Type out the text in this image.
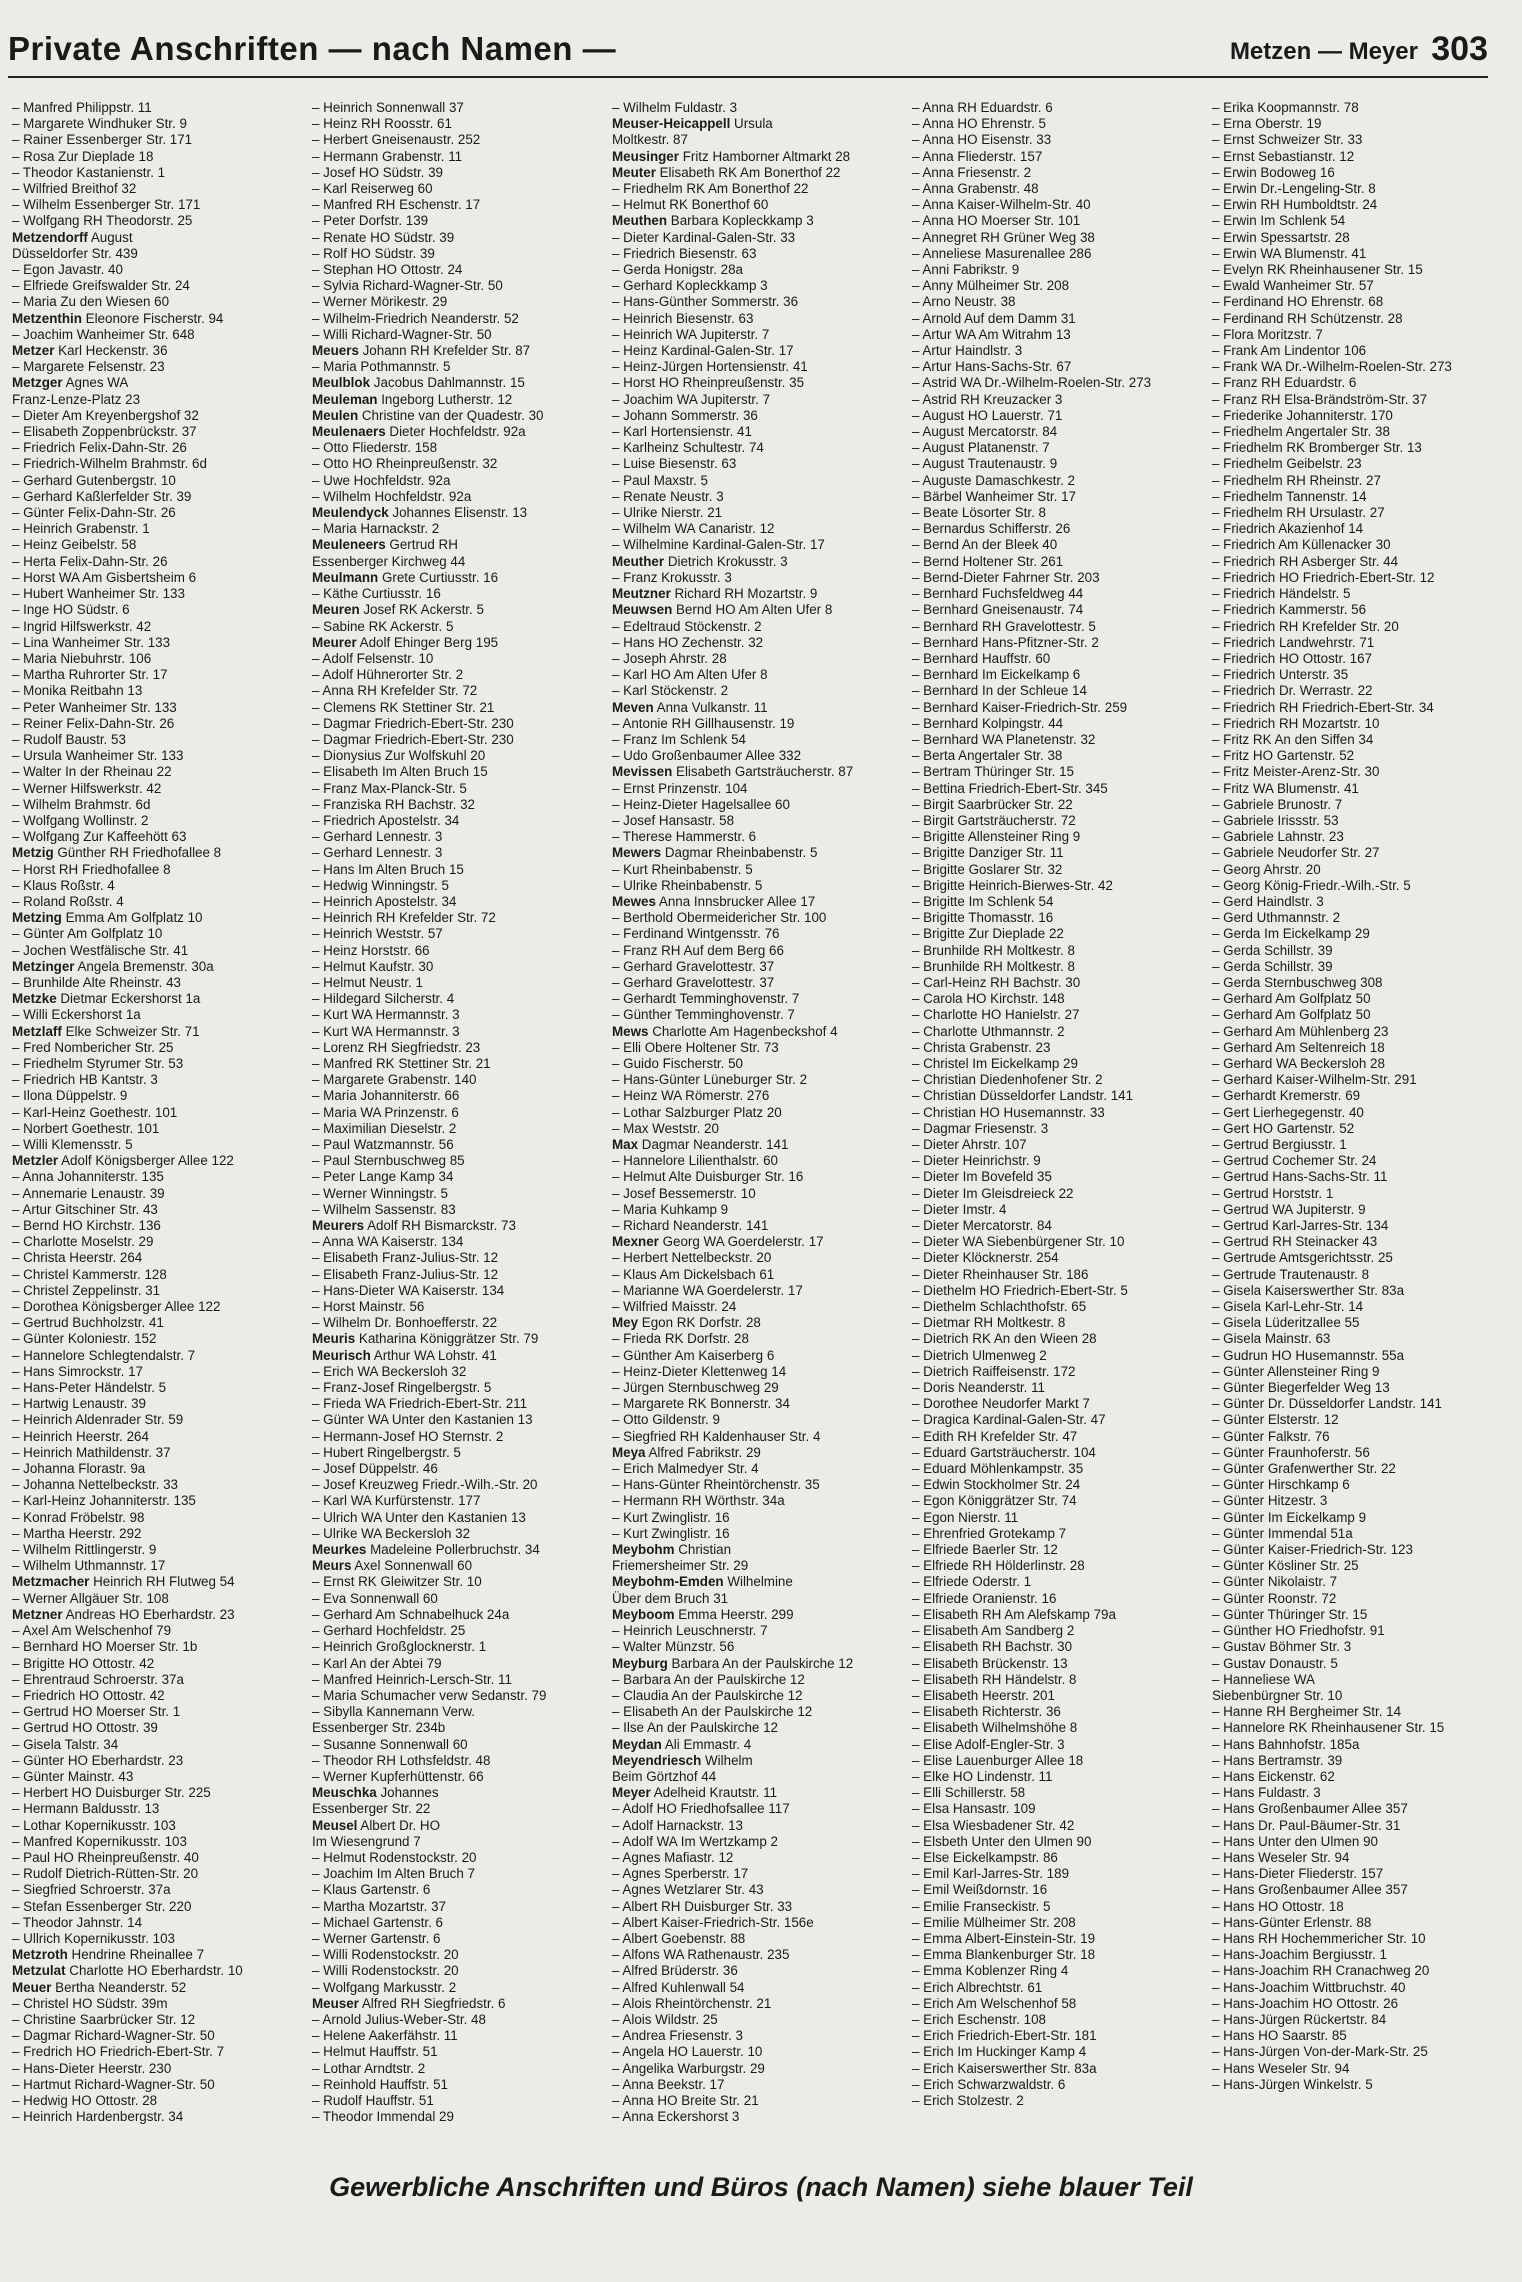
Private Anschriften — nach Namen —	Metzen — Meyer 303
– Manfred Philippstr. 11
– Margarete Windhuker Str. 9
– Rainer Essenberger Str. 171
– Rosa Zur Dieplade 18
– Theodor Kastanienstr. 1
– Wilfried Breithof 32
– Wilhelm Essenberger Str. 171
– Wolfgang RH Theodorstr. 25
Metzendorff August
Düsseldorfer Str. 439
– Egon Javastr. 40
– Elfriede Greifswalder Str. 24
– Maria Zu den Wiesen 60
Metzenthin Eleonore Fischerstr. 94
– Joachim Wanheimer Str. 648
Metzer Karl Heckenstr. 36
– Margarete Felsenstr. 23
Metzger Agnes WA
Franz-Lenze-Platz 23
– Dieter Am Kreyenbergshof 32
– Elisabeth Zoppenbrückstr. 37
– Friedrich Felix-Dahn-Str. 26
– Friedrich-Wilhelm Brahmstr. 6d
– Gerhard Gutenbergstr. 10
– Gerhard Kaßlerfelder Str. 39
– Günter Felix-Dahn-Str. 26
– Heinrich Grabenstr. 1
– Heinz Geibelstr. 58
– Herta Felix-Dahn-Str. 26
– Horst WA Am Gisbertsheim 6
– Hubert Wanheimer Str. 133
– Inge HO Südstr. 6
– Ingrid Hilfswerkstr. 42
– Lina Wanheimer Str. 133
– Maria Niebuhrstr. 106
– Martha Ruhrorter Str. 17
– Monika Reitbahn 13
– Peter Wanheimer Str. 133
– Reiner Felix-Dahn-Str. 26
– Rudolf Baustr. 53
– Ursula Wanheimer Str. 133
– Walter In der Rheinau 22
– Werner Hilfswerkstr. 42
– Wilhelm Brahmstr. 6d
– Wolfgang Wollinstr. 2
– Wolfgang Zur Kaffeehött 63
Metzig Günther RH Friedhofallee 8
– Horst RH Friedhofallee 8
– Klaus Roßstr. 4
– Roland Roßstr. 4
Metzing Emma Am Golfplatz 10
– Günter Am Golfplatz 10
– Jochen Westfälische Str. 41
Metzinger Angela Bremenstr. 30a
– Brunhilde Alte Rheinstr. 43
Metzke Dietmar Eckershorst 1a
– Willi Eckershorst 1a
Metzlaff Elke Schweizer Str. 71
– Fred Nombericher Str. 25
– Friedhelm Styrumer Str. 53
– Friedrich HB Kantstr. 3
– Ilona Düppelstr. 9
– Karl-Heinz Goethestr. 101
– Norbert Goethestr. 101
– Willi Klemensstr. 5
Metzler Adolf Königsberger Allee 122
– Anna Johanniterstr. 135
– Annemarie Lenaustr. 39
– Artur Gitschiner Str. 43
– Bernd HO Kirchstr. 136
– Charlotte Moselstr. 29
– Christa Heerstr. 264
– Christel Kammerstr. 128
– Christel Zeppelinstr. 31
– Dorothea Königsberger Allee 122
– Gertrud Buchholzstr. 41
– Günter Koloniestr. 152
– Hannelore Schlegtendalstr. 7
– Hans Simrockstr. 17
– Hans-Peter Händelstr. 5
– Hartwig Lenaustr. 39
– Heinrich Aldenrader Str. 59
– Heinrich Heerstr. 264
– Heinrich Mathildenstr. 37
– Johanna Florastr. 9a
– Johanna Nettelbeckstr. 33
– Karl-Heinz Johanniterstr. 135
– Konrad Fröbelstr. 98
– Martha Heerstr. 292
– Wilhelm Rittlingerstr. 9
– Wilhelm Uthmannstr. 17
Metzmacher Heinrich RH Flutweg 54
– Werner Allgäuer Str. 108
Metzner Andreas HO Eberhardstr. 23
– Axel Am Welschenhof 79
– Bernhard HO Moerser Str. 1b
– Brigitte HO Ottostr. 42
– Ehrentraud Schroerstr. 37a
– Friedrich HO Ottostr. 42
– Gertrud HO Moerser Str. 1
– Gertrud HO Ottostr. 39
– Gisela Talstr. 34
– Günter HO Eberhardstr. 23
– Günter Mainstr. 43
– Herbert HO Duisburger Str. 225
– Hermann Baldusstr. 13
– Lothar Kopernikusstr. 103
– Manfred Kopernikusstr. 103
– Paul HO Rheinpreußenstr. 40
– Rudolf Dietrich-Rütten-Str. 20
– Siegfried Schroerstr. 37a
– Stefan Essenberger Str. 220
– Theodor Jahnstr. 14
– Ullrich Kopernikusstr. 103
Metzroth Hendrine Rheinallee 7
Metzulat Charlotte HO Eberhardstr. 10
Meuer Bertha Neanderstr. 52
– Christel HO Südstr. 39m
– Christine Saarbrücker Str. 12
– Dagmar Richard-Wagner-Str. 50
– Fredrich HO Friedrich-Ebert-Str. 7
– Hans-Dieter Heerstr. 230
– Hartmut Richard-Wagner-Str. 50
– Hedwig HO Ottostr. 28
– Heinrich Hardenbergstr. 34
– Heinrich Sonnenwall 37
– Heinz RH Roosstr. 61
– Herbert Gneisenaustr. 252
– Hermann Grabenstr. 11
– Josef HO Südstr. 39
– Karl Reiserweg 60
– Manfred RH Eschenstr. 17
– Peter Dorfstr. 139
– Renate HO Südstr. 39
– Rolf HO Südstr. 39
– Stephan HO Ottostr. 24
– Sylvia Richard-Wagner-Str. 50
– Werner Mörikestr. 29
– Wilhelm-Friedrich Neanderstr. 52
– Willi Richard-Wagner-Str. 50
Meuers Johann RH Krefelder Str. 87
– Maria Pothmannstr. 5
Meulblok Jacobus Dahlmannstr. 15
Meuleman Ingeborg Lutherstr. 12
Meulen Christine van der Quadestr. 30
Meulenaers Dieter Hochfeldstr. 92a
– Otto Fliederstr. 158
– Otto HO Rheinpreußenstr. 32
– Uwe Hochfeldstr. 92a
– Wilhelm Hochfeldstr. 92a
Meulendyck Johannes Elisenstr. 13
– Maria Harnackstr. 2
Meuleneers Gertrud RH
Essenberger Kirchweg 44
Meulmann Grete Curtiusstr. 16
– Käthe Curtiusstr. 16
Meuren Josef RK Ackerstr. 5
– Sabine RK Ackerstr. 5
Meurer Adolf Ehinger Berg 195
– Adolf Felsenstr. 10
– Adolf Hühnerorter Str. 2
– Anna RH Krefelder Str. 72
– Clemens RK Stettiner Str. 21
– Dagmar Friedrich-Ebert-Str. 230
– Dagmar Friedrich-Ebert-Str. 230
– Dionysius Zur Wolfskuhl 20
– Elisabeth Im Alten Bruch 15
– Franz Max-Planck-Str. 5
– Franziska RH Bachstr. 32
– Friedrich Apostelstr. 34
– Gerhard Lennestr. 3
– Gerhard Lennestr. 3
– Hans Im Alten Bruch 15
– Hedwig Winningstr. 5
– Heinrich Apostelstr. 34
– Heinrich RH Krefelder Str. 72
– Heinrich Weststr. 57
– Heinz Horststr. 66
– Helmut Kaufstr. 30
– Helmut Neustr. 1
– Hildegard Silcherstr. 4
– Kurt WA Hermannstr. 3
– Kurt WA Hermannstr. 3
– Lorenz RH Siegfriedstr. 23
– Manfred RK Stettiner Str. 21
– Margarete Grabenstr. 140
– Maria Johanniterstr. 66
– Maria WA Prinzenstr. 6
– Maximilian Dieselstr. 2
– Paul Watzmannstr. 56
– Paul Sternbuschweg 85
– Peter Lange Kamp 34
– Werner Winningstr. 5
– Wilhelm Sassenstr. 83
Meurers Adolf RH Bismarckstr. 73
– Anna WA Kaiserstr. 134
– Elisabeth Franz-Julius-Str. 12
– Elisabeth Franz-Julius-Str. 12
– Hans-Dieter WA Kaiserstr. 134
– Horst Mainstr. 56
– Wilhelm Dr. Bonhoefferstr. 22
Meuris Katharina Königgrätzer Str. 79
Meurisch Arthur WA Lohstr. 41
– Erich WA Beckersloh 32
– Franz-Josef Ringelbergstr. 5
– Frieda WA Friedrich-Ebert-Str. 211
– Günter WA Unter den Kastanien 13
– Hermann-Josef HO Sternstr. 2
– Hubert Ringelbergstr. 5
– Josef Düppelstr. 46
– Josef Kreuzweg Friedr.-Wilh.-Str. 20
– Karl WA Kurfürstenstr. 177
– Ulrich WA Unter den Kastanien 13
– Ulrike WA Beckersloh 32
Meurkes Madeleine Pollerbruchstr. 34
Meurs Axel Sonnenwall 60
– Ernst RK Gleiwitzer Str. 10
– Eva Sonnenwall 60
– Gerhard Am Schnabelhuck 24a
– Gerhard Hochfeldstr. 25
– Heinrich Großglocknerstr. 1
– Karl An der Abtei 79
– Manfred Heinrich-Lersch-Str. 11
– Maria Schumacher verw Sedanstr. 79
– Sibylla Kannemann Verw.
Essenberger Str. 234b
– Susanne Sonnenwall 60
– Theodor RH Lothsfeldstr. 48
– Werner Kupferhüttenstr. 66
Meuschka Johannes
Essenberger Str. 22
Meusel Albert Dr. HO
Im Wiesengrund 7
– Helmut Rodenstockstr. 20
– Joachim Im Alten Bruch 7
– Klaus Gartenstr. 6
– Martha Mozartstr. 37
– Michael Gartenstr. 6
– Werner Gartenstr. 6
– Willi Rodenstockstr. 20
– Willi Rodenstockstr. 20
– Wolfgang Markusstr. 2
Meuser Alfred RH Siegfriedstr. 6
– Arnold Julius-Weber-Str. 48
– Helene Aakerfähstr. 11
– Helmut Hauffstr. 51
– Lothar Arndtstr. 2
– Reinhold Hauffstr. 51
– Rudolf Hauffstr. 51
– Theodor Immendal 29
– Wilhelm Fuldastr. 3
Meuser-Heicappell Ursula
Moltkestr. 87
Meusinger Fritz Hamborner Altmarkt 28
Meuter Elisabeth RK Am Bonerthof 22
– Friedhelm RK Am Bonerthof 22
– Helmut RK Bonerthof 60
Meuthen Barbara Kopleckkamp 3
– Dieter Kardinal-Galen-Str. 33
– Friedrich Biesenstr. 63
– Gerda Honigstr. 28a
– Gerhard Kopleckkamp 3
– Hans-Günther Sommerstr. 36
– Heinrich Biesenstr. 63
– Heinrich WA Jupiterstr. 7
– Heinz Kardinal-Galen-Str. 17
– Heinz-Jürgen Hortensienstr. 41
– Horst HO Rheinpreußenstr. 35
– Joachim WA Jupiterstr. 7
– Johann Sommerstr. 36
– Karl Hortensienstr. 41
– Karlheinz Schultestr. 74
– Luise Biesenstr. 63
– Paul Maxstr. 5
– Renate Neustr. 3
– Ulrike Nierstr. 21
– Wilhelm WA Canaristr. 12
– Wilhelmine Kardinal-Galen-Str. 17
Meuther Dietrich Krokusstr. 3
– Franz Krokusstr. 3
Meutzner Richard RH Mozartstr. 9
Meuwsen Bernd HO Am Alten Ufer 8
– Edeltraud Stöckenstr. 2
– Hans HO Zechenstr. 32
– Joseph Ahrstr. 28
– Karl HO Am Alten Ufer 8
– Karl Stöckenstr. 2
Meven Anna Vulkanstr. 11
– Antonie RH Gillhausenstr. 19
– Franz Im Schlenk 54
– Udo Großenbaumer Allee 332
Mevissen Elisabeth Gartsträucherstr. 87
– Ernst Prinzenstr. 104
– Heinz-Dieter Hagelsallee 60
– Josef Hansastr. 58
– Therese Hammerstr. 6
Mewers Dagmar Rheinbabenstr. 5
– Kurt Rheinbabenstr. 5
– Ulrike Rheinbabenstr. 5
Mewes Anna Innsbrucker Allee 17
– Berthold Obermeidericher Str. 100
– Ferdinand Wintgensstr. 76
– Franz RH Auf dem Berg 66
– Gerhard Gravelottestr. 37
– Gerhard Gravelottestr. 37
– Gerhardt Temminghovenstr. 7
– Günther Temminghovenstr. 7
Mews Charlotte Am Hagenbeckshof 4
– Elli Obere Holtener Str. 73
– Guido Fischerstr. 50
– Hans-Günter Lüneburger Str. 2
– Heinz WA Römerstr. 276
– Lothar Salzburger Platz 20
– Max Weststr. 20
Max Dagmar Neanderstr. 141
– Hannelore Lilienthalstr. 60
– Helmut Alte Duisburger Str. 16
– Josef Bessemerstr. 10
– Maria Kuhkamp 9
– Richard Neanderstr. 141
Mexner Georg WA Goerdelerstr. 17
– Herbert Nettelbeckstr. 20
– Klaus Am Dickelsbach 61
– Marianne WA Goerdelerstr. 17
– Wilfried Maisstr. 24
Mey Egon RK Dorfstr. 28
– Frieda RK Dorfstr. 28
– Günther Am Kaiserberg 6
– Heinz-Dieter Klettenweg 14
– Jürgen Sternbuschweg 29
– Margarete RK Bonnerstr. 34
– Otto Gildenstr. 9
– Siegfried RH Kaldenhauser Str. 4
Meya Alfred Fabrikstr. 29
– Erich Malmedyer Str. 4
– Hans-Günter Rheintörchenstr. 35
– Hermann RH Wörthstr. 34a
– Kurt Zwinglistr. 16
– Kurt Zwinglistr. 16
Meybohm Christian
Friemersheimer Str. 29
Meybohm-Emden Wilhelmine
Über dem Bruch 31
Meyboom Emma Heerstr. 299
– Heinrich Leuschnerstr. 7
– Walter Münzstr. 56
Meyburg Barbara An der Paulskirche 12
– Barbara An der Paulskirche 12
– Claudia An der Paulskirche 12
– Elisabeth An der Paulskirche 12
– Ilse An der Paulskirche 12
Meydan Ali Emmastr. 4
Meyendriesch Wilhelm
Beim Görtzhof 44
Meyer Adelheid Krautstr. 11
– Adolf HO Friedhofsallee 117
– Adolf Harnackstr. 13
– Adolf WA Im Wertzkamp 2
– Agnes Mafiastr. 12
– Agnes Sperberstr. 17
– Agnes Wetzlarer Str. 43
– Albert RH Duisburger Str. 33
– Albert Kaiser-Friedrich-Str. 156e
– Albert Goebenstr. 88
– Alfons WA Rathenaustr. 235
– Alfred Brüderstr. 36
– Alfred Kuhlenwall 54
– Alois Rheintörchenstr. 21
– Alois Wildstr. 25
– Andrea Friesenstr. 3
– Angela HO Lauerstr. 10
– Angelika Warburgstr. 29
– Anna Beekstr. 17
– Anna HO Breite Str. 21
– Anna Eckershorst 3
– Anna RH Eduardstr. 6
– Anna HO Ehrenstr. 5
– Anna HO Eisenstr. 33
– Anna Fliederstr. 157
– Anna Friesenstr. 2
– Anna Grabenstr. 48
– Anna Kaiser-Wilhelm-Str. 40
– Anna HO Moerser Str. 101
– Annegret RH Grüner Weg 38
– Anneliese Masurenallee 286
– Anni Fabrikstr. 9
– Anny Mülheimer Str. 208
– Arno Neustr. 38
– Arnold Auf dem Damm 31
– Artur WA Am Witrahm 13
– Artur Haindlstr. 3
– Artur Hans-Sachs-Str. 67
– Astrid WA Dr.-Wilhelm-Roelen-Str. 273
– Astrid RH Kreuzacker 3
– August HO Lauerstr. 71
– August Mercatorstr. 84
– August Platanenstr. 7
– August Trautenaustr. 9
– Auguste Damaschkestr. 2
– Bärbel Wanheimer Str. 17
– Beate Lösorter Str. 8
– Bernardus Schifferstr. 26
– Bernd An der Bleek 40
– Bernd Holtener Str. 261
– Bernd-Dieter Fahrner Str. 203
– Bernhard Fuchsfeldweg 44
– Bernhard Gneisenaustr. 74
– Bernhard RH Gravelottestr. 5
– Bernhard Hans-Pfitzner-Str. 2
– Bernhard Hauffstr. 60
– Bernhard Im Eickelkamp 6
– Bernhard In der Schleue 14
– Bernhard Kaiser-Friedrich-Str. 259
– Bernhard Kolpingstr. 44
– Bernhard WA Planetenstr. 32
– Berta Angertaler Str. 38
– Bertram Thüringer Str. 15
– Bettina Friedrich-Ebert-Str. 345
– Birgit Saarbrücker Str. 22
– Birgit Gartsträucherstr. 72
– Brigitte Allensteiner Ring 9
– Brigitte Danziger Str. 11
– Brigitte Goslarer Str. 32
– Brigitte Heinrich-Bierwes-Str. 42
– Brigitte Im Schlenk 54
– Brigitte Thomasstr. 16
– Brigitte Zur Dieplade 22
– Brunhilde RH Moltkestr. 8
– Brunhilde RH Moltkestr. 8
– Carl-Heinz RH Bachstr. 30
– Carola HO Kirchstr. 148
– Charlotte HO Hanielstr. 27
– Charlotte Uthmannstr. 2
– Christa Grabenstr. 23
– Christel Im Eickelkamp 29
– Christian Diedenhofener Str. 2
– Christian Düsseldorfer Landstr. 141
– Christian HO Husemannstr. 33
– Dagmar Friesenstr. 3
– Dieter Ahrstr. 107
– Dieter Heinrichstr. 9
– Dieter Im Bovefeld 35
– Dieter Im Gleisdreieck 22
– Dieter Imstr. 4
– Dieter Mercatorstr. 84
– Dieter WA Siebenbürgener Str. 10
– Dieter Klöcknerstr. 254
– Dieter Rheinhauser Str. 186
– Diethelm HO Friedrich-Ebert-Str. 5
– Diethelm Schlachthofstr. 65
– Dietmar RH Moltkestr. 8
– Dietrich RK An den Wieen 28
– Dietrich Ulmenweg 2
– Dietrich Raiffeisenstr. 172
– Doris Neanderstr. 11
– Dorothee Neudorfer Markt 7
– Dragica Kardinal-Galen-Str. 47
– Edith RH Krefelder Str. 47
– Eduard Gartsträucherstr. 104
– Eduard Möhlenkampstr. 35
– Edwin Stockholmer Str. 24
– Egon Königgrätzer Str. 74
– Egon Nierstr. 11
– Ehrenfried Grotekamp 7
– Elfriede Baerler Str. 12
– Elfriede RH Hölderlinstr. 28
– Elfriede Oderstr. 1
– Elfriede Oranienstr. 16
– Elisabeth RH Am Alefskamp 79a
– Elisabeth Am Sandberg 2
– Elisabeth RH Bachstr. 30
– Elisabeth Brückenstr. 13
– Elisabeth RH Händelstr. 8
– Elisabeth Heerstr. 201
– Elisabeth Richterstr. 36
– Elisabeth Wilhelmshöhe 8
– Elise Adolf-Engler-Str. 3
– Elise Lauenburger Allee 18
– Elke HO Lindenstr. 11
– Elli Schillerstr. 58
– Elsa Hansastr. 109
– Elsa Wiesbadener Str. 42
– Elsbeth Unter den Ulmen 90
– Else Eickelkampstr. 86
– Emil Karl-Jarres-Str. 189
– Emil Weißdornstr. 16
– Emilie Franseckistr. 5
– Emilie Mülheimer Str. 208
– Emma Albert-Einstein-Str. 19
– Emma Blankenburger Str. 18
– Emma Koblenzer Ring 4
– Erich Albrechtstr. 61
– Erich Am Welschenhof 58
– Erich Eschenstr. 108
– Erich Friedrich-Ebert-Str. 181
– Erich Im Huckinger Kamp 4
– Erich Kaiserswerther Str. 83a
– Erich Schwarzwaldstr. 6
– Erich Stolzestr. 2
– Erika Koopmannstr. 78
– Erna Oberstr. 19
– Ernst Schweizer Str. 33
– Ernst Sebastianstr. 12
– Erwin Bodoweg 16
– Erwin Dr.-Lengeling-Str. 8
– Erwin RH Humboldtstr. 24
– Erwin Im Schlenk 54
– Erwin Spessartstr. 28
– Erwin WA Blumenstr. 41
– Evelyn RK Rheinhausener Str. 15
– Ewald Wanheimer Str. 57
– Ferdinand HO Ehrenstr. 68
– Ferdinand RH Schützenstr. 28
– Flora Moritzstr. 7
– Frank Am Lindentor 106
– Frank WA Dr.-Wilhelm-Roelen-Str. 273
– Franz RH Eduardstr. 6
– Franz RH Elsa-Brändström-Str. 37
– Friederike Johanniterstr. 170
– Friedhelm Angertaler Str. 38
– Friedhelm RK Bromberger Str. 13
– Friedhelm Geibelstr. 23
– Friedhelm RH Rheinstr. 27
– Friedhelm Tannenstr. 14
– Friedhelm RH Ursulastr. 27
– Friedrich Akazienhof 14
– Friedrich Am Küllenacker 30
– Friedrich RH Asberger Str. 44
– Friedrich HO Friedrich-Ebert-Str. 12
– Friedrich Händelstr. 5
– Friedrich Kammerstr. 56
– Friedrich RH Krefelder Str. 20
– Friedrich Landwehrstr. 71
– Friedrich HO Ottostr. 167
– Friedrich Unterstr. 35
– Friedrich Dr. Werrastr. 22
– Friedrich RH Friedrich-Ebert-Str. 34
– Friedrich RH Mozartstr. 10
– Fritz RK An den Siffen 34
– Fritz HO Gartenstr. 52
– Fritz Meister-Arenz-Str. 30
– Fritz WA Blumenstr. 41
– Gabriele Brunostr. 7
– Gabriele Irissstr. 53
– Gabriele Lahnstr. 23
– Gabriele Neudorfer Str. 27
– Georg Ahrstr. 20
– Georg König-Friedr.-Wilh.-Str. 5
– Gerd Haindlstr. 3
– Gerd Uthmannstr. 2
– Gerda Im Eickelkamp 29
– Gerda Schillstr. 39
– Gerda Schillstr. 39
– Gerda Sternbuschweg 308
– Gerhard Am Golfplatz 50
– Gerhard Am Golfplatz 50
– Gerhard Am Mühlenberg 23
– Gerhard Am Seltenreich 18
– Gerhard WA Beckersloh 28
– Gerhard Kaiser-Wilhelm-Str. 291
– Gerhardt Kremerstr. 69
– Gert Lierhegegenstr. 40
– Gert HO Gartenstr. 52
– Gertrud Bergiusstr. 1
– Gertrud Cochemer Str. 24
– Gertrud Hans-Sachs-Str. 11
– Gertrud Horststr. 1
– Gertrud WA Jupiterstr. 9
– Gertrud Karl-Jarres-Str. 134
– Gertrud RH Steinacker 43
– Gertrude Amtsgerichtsstr. 25
– Gertrude Trautenaustr. 8
– Gisela Kaiserswerther Str. 83a
– Gisela Karl-Lehr-Str. 14
– Gisela Lüderitzallee 55
– Gisela Mainstr. 63
– Gudrun HO Husemannstr. 55a
– Günter Allensteiner Ring 9
– Günter Biegerfelder Weg 13
– Günter Dr. Düsseldorfer Landstr. 141
– Günter Elsterstr. 12
– Günter Falkstr. 76
– Günter Fraunhoferstr. 56
– Günter Grafenwerther Str. 22
– Günter Hirschkamp 6
– Günter Hitzestr. 3
– Günter Im Eickelkamp 9
– Günter Immendal 51a
– Günter Kaiser-Friedrich-Str. 123
– Günter Kösliner Str. 25
– Günter Nikolaistr. 7
– Günter Roonstr. 72
– Günter Thüringer Str. 15
– Günther HO Friedhofstr. 91
– Gustav Böhmer Str. 3
– Gustav Donaustr. 5
– Hanneliese WA
Siebenbürgner Str. 10
– Hanne RH Bergheimer Str. 14
– Hannelore RK Rheinhausener Str. 15
– Hans Bahnhofstr. 185a
– Hans Bertramstr. 39
– Hans Eickenstr. 62
– Hans Fuldastr. 3
– Hans Großenbaumer Allee 357
– Hans Dr. Paul-Bäumer-Str. 31
– Hans Unter den Ulmen 90
– Hans Weseler Str. 94
– Hans-Dieter Fliederstr. 157
– Hans Großenbaumer Allee 357
– Hans HO Ottostr. 18
– Hans-Günter Erlenstr. 88
– Hans RH Hochemmericher Str. 10
– Hans-Joachim Bergiusstr. 1
– Hans-Joachim RH Cranachweg 20
– Hans-Joachim Wittbruchstr. 40
– Hans-Joachim HO Ottostr. 26
– Hans-Jürgen Rückertstr. 84
– Hans HO Saarstr. 85
– Hans-Jürgen Von-der-Mark-Str. 25
– Hans Weseler Str. 94
– Hans-Jürgen Winkelstr. 5
Gewerbliche Anschriften und Büros (nach Namen) siehe blauer Teil
